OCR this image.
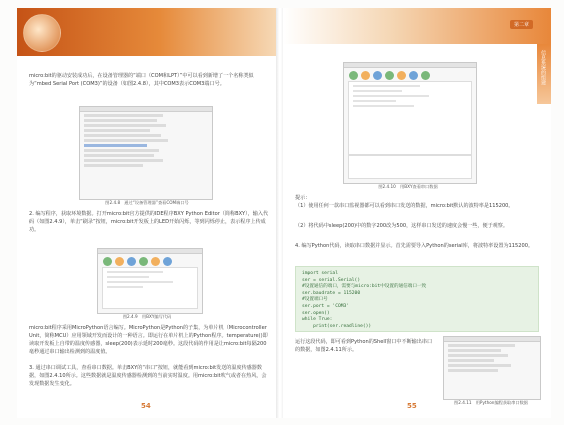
micro:bit的驱动安装成功后，在设备管理器的“端口（COM和LPT）”中可以看到新增了一个名称类似为“mbed Serial Port (COM3)”的设备（如图2.4.8），其中COM3表示COM3端口号。

图2.4.8　通过“设备管理器”查看COM端口号

2. 编写程序，获取环境数据。打开micro:bit官方提供的IDE程序BXY Python Editor（简称BXY），输入代码（如图2.4.9），单击“刷录”按钮，micro:bit开发板上的LED开始闪烁，等到闪烁停止，表示程序上传成功。

图2.4.9　用BXY编写代码

micro:bit程序采用MicroPython语言编写。MicroPython是Python的子集，为单片机（Microcontroller Unit，简称MCU）应用领域开发而设计的一种语言。即运行在单片机上的Python程序。temperature()即读取开发板上自带的温度传感器，sleep(200)表示延时200毫秒。这段代码的作用是让micro:bit每隔200毫秒通过串口输出检测到的温度值。

3. 通过串口调试工具，查看串口数据。单击BXY的“串口”按钮，就能看到micro:bit发送的温度传感器数据，如图2.4.10所示。这些数据就是温度传感器检测到的当前实时温度。用micro:bit吹气或者在热风，会发现数据发生变化。

54
第二章
信息系统的组建
图2.4.10　用BXY查看串口数据

提示：

（1）使用任何一款串口监视器都可以看到串口发送的数据，micro:bit默认的波特率是115200。

（2）将代码中sleep(200)中的数字200改为500，这样串口发送的速度会慢一些，便于观察。

4. 编写Python代码，读取串口数据并显示。首先需要导入Python的serial库，将波特率设置为115200。

import serial
ser = serial.Serial()
#设置通信的端口，需要与micro:bit中设置的通信端口一致
ser.baudrate = 115200
#设置端口号
ser.port = 'COM3'
ser.open()
while True:
print(ser.readline())

运行这段代码，即可看到Python的Shell窗口中不断输出串口的数据，如图2.4.11所示。

图2.4.11　用Python编程获取串口数据
55
